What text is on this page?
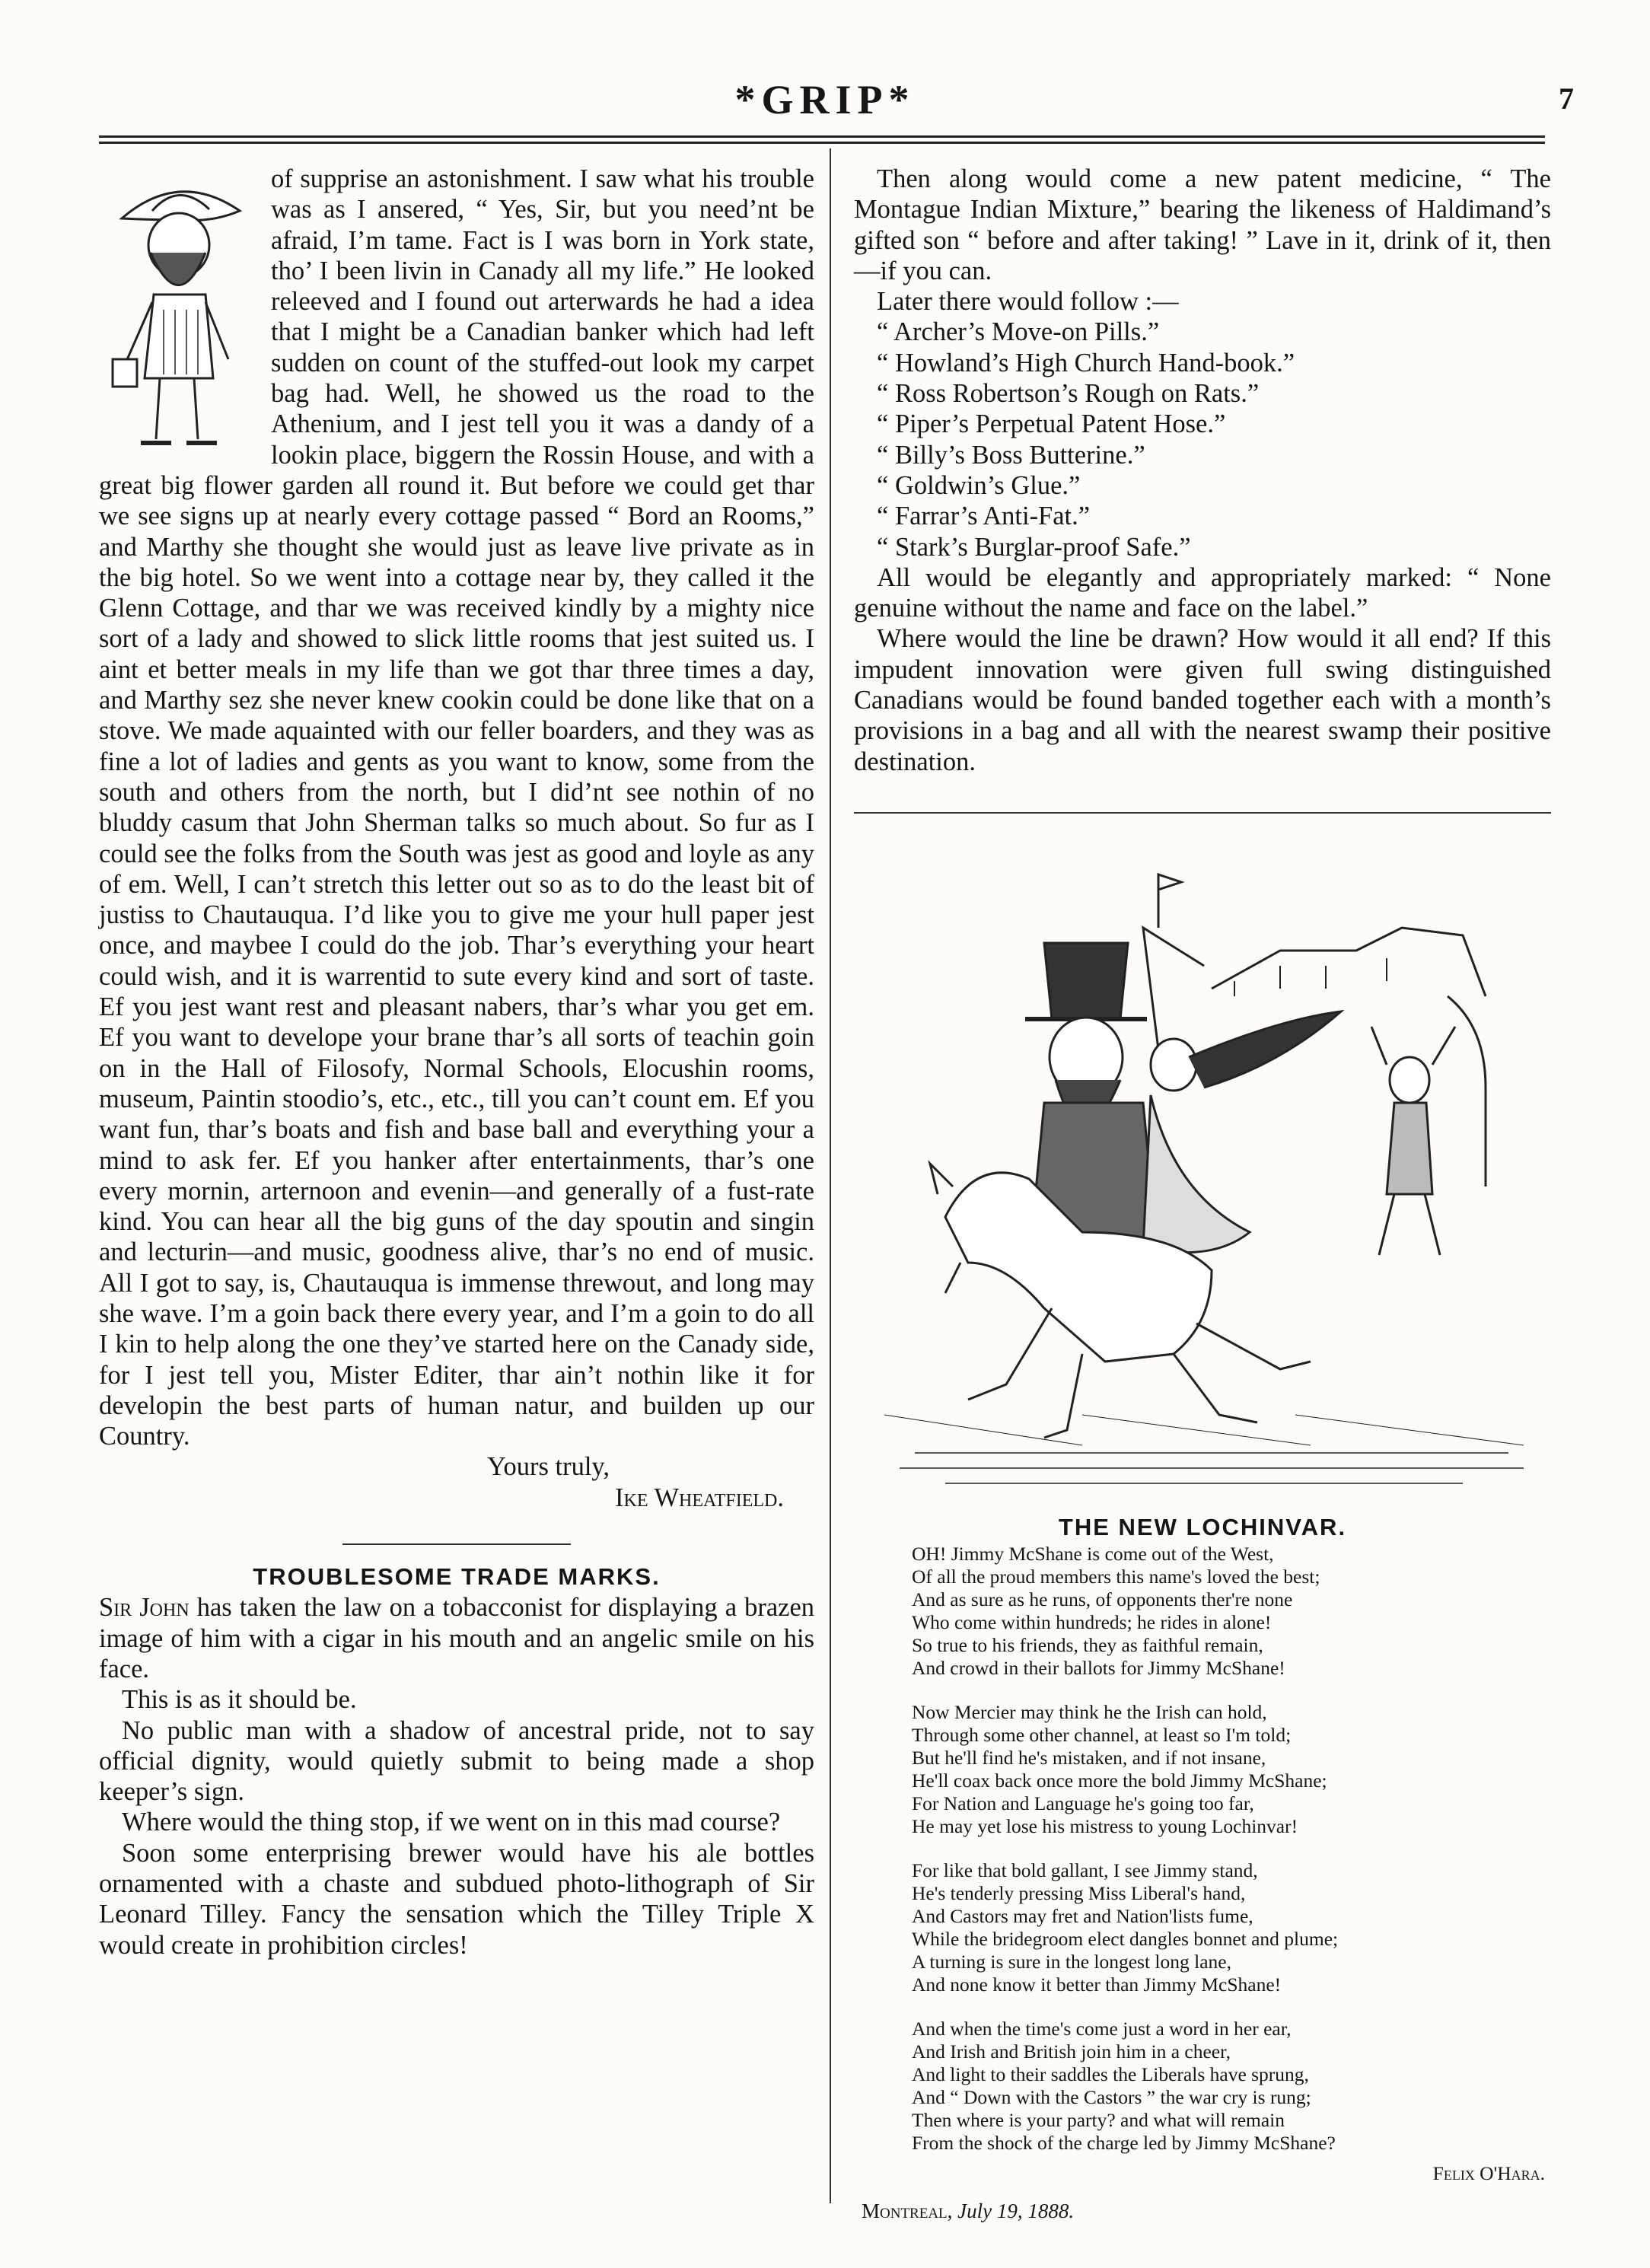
*GRIP*	7

of supprise an astonishment. I saw what his trouble was as I ansered, “ Yes, Sir, but you need’nt be afraid, I’m tame. Fact is I was born in York state, tho’ I been livin in Canady all my life.” He looked releeved and I found out arterwards he had a idea that I might be a Canadian banker which had left sudden on count of the stuffed-out look my carpet bag had. Well, he showed us the road to the Athenium, and I jest tell you it was a dandy of a lookin place, biggern the Rossin House, and with a great big flower garden all round it. But before we could get thar we see signs up at nearly every cottage passed “ Bord an Rooms,” and Marthy she thought she would just as leave live private as in the big hotel. So we went into a cottage near by, they called it the Glenn Cottage, and thar we was received kindly by a mighty nice sort of a lady and showed to slick little rooms that jest suited us. I aint et better meals in my life than we got thar three times a day, and Marthy sez she never knew cookin could be done like that on a stove. We made aquainted with our feller boarders, and they was as fine a lot of ladies and gents as you want to know, some from the south and others from the north, but I did’nt see nothin of no bluddy casum that John Sherman talks so much about. So fur as I could see the folks from the South was jest as good and loyle as any of em. Well, I can’t stretch this letter out so as to do the least bit of justiss to Chautauqua. I’d like you to give me your hull paper jest once, and maybee I could do the job. Thar’s everything your heart could wish, and it is warrentid to sute every kind and sort of taste. Ef you jest want rest and pleasant nabers, thar’s whar you get em. Ef you want to develope your brane thar’s all sorts of teachin goin on in the Hall of Filosofy, Normal Schools, Elocushin rooms, museum, Paintin stoodio’s, etc., etc., till you can’t count em. Ef you want fun, thar’s boats and fish and base ball and everything your a mind to ask fer. Ef you hanker after entertainments, thar’s one every mornin, arternoon and evenin—and generally of a fust-rate kind. You can hear all the big guns of the day spoutin and singin and lecturin—and music, goodness alive, thar’s no end of music. All I got to say, is, Chautauqua is immense threwout, and long may she wave. I’m a goin back there every year, and I’m a goin to do all I kin to help along the one they’ve started here on the Canady side, for I jest tell you, Mister Editer, thar ain’t nothin like it for developin the best parts of human natur, and builden up our Country.

Yours truly,

Ike Wheatfield.

TROUBLESOME TRADE MARKS.

Sir John has taken the law on a tobacconist for displaying a brazen image of him with a cigar in his mouth and an angelic smile on his face.

This is as it should be.

No public man with a shadow of ancestral pride, not to say official dignity, would quietly submit to being made a shop keeper’s sign.

Where would the thing stop, if we went on in this mad course?

Soon some enterprising brewer would have his ale bottles ornamented with a chaste and subdued photo-lithograph of Sir Leonard Tilley. Fancy the sensation which the Tilley Triple X would create in prohibition circles!

Then along would come a new patent medicine, “ The Montague Indian Mixture,” bearing the likeness of Haldimand’s gifted son “ before and after taking! ” Lave in it, drink of it, then—if you can.

Later there would follow :—

“ Archer’s Move-on Pills.”

“ Howland’s High Church Hand-book.”

“ Ross Robertson’s Rough on Rats.”

“ Piper’s Perpetual Patent Hose.”

“ Billy’s Boss Butterine.”

“ Goldwin’s Glue.”

“ Farrar’s Anti-Fat.”

“ Stark’s Burglar-proof Safe.”

All would be elegantly and appropriately marked: “ None genuine without the name and face on the label.”

Where would the line be drawn? How would it all end? If this impudent innovation were given full swing distinguished Canadians would be found banded together each with a month’s provisions in a bag and all with the nearest swamp their positive destination.

THE NEW LOCHINVAR.

OH! Jimmy McShane is come out of the West,
Of all the proud members this name's loved the best;
And as sure as he runs, of opponents ther're none
Who come within hundreds; he rides in alone!
So true to his friends, they as faithful remain,
And crowd in their ballots for Jimmy McShane!
Now Mercier may think he the Irish can hold,
Through some other channel, at least so I'm told;
But he'll find he's mistaken, and if not insane,
He'll coax back once more the bold Jimmy McShane;
For Nation and Language he's going too far,
He may yet lose his mistress to young Lochinvar!
For like that bold gallant, I see Jimmy stand,
He's tenderly pressing Miss Liberal's hand,
And Castors may fret and Nation'lists fume,
While the bridegroom elect dangles bonnet and plume;
A turning is sure in the longest long lane,
And none know it better than Jimmy McShane!
And when the time's come just a word in her ear,
And Irish and British join him in a cheer,
And light to their saddles the Liberals have sprung,
And “ Down with the Castors ” the war cry is rung;
Then where is your party? and what will remain
From the shock of the charge led by Jimmy McShane?
Felix O'Hara.
Montreal, July 19, 1888.
